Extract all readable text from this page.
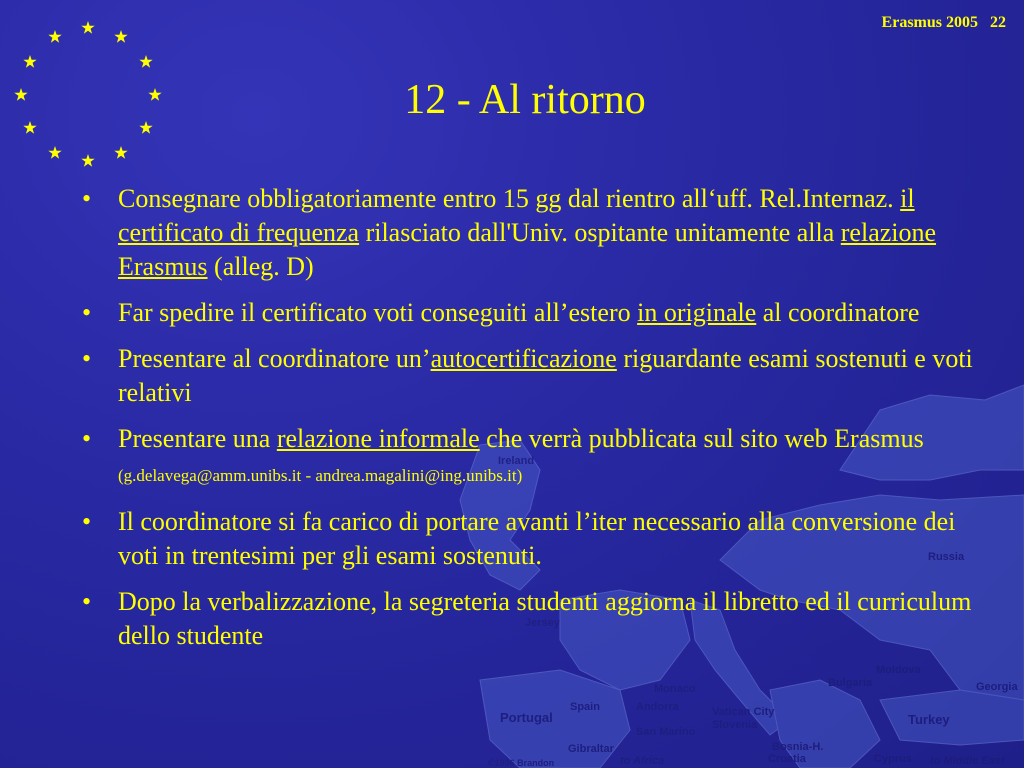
Ireland
Jersey
Portugal
Spain	Andorra
Monaco
San Marino
Vatican City
Slovenia
Gibraltar	Bosnia-H.
Croatia
Moldova
Bulgaria
Turkey
Cyprus
Georgia
Russia
to Africa	to Middle East
©1996 Brandon
Erasmus 2005 22
12 - Al ritorno
• Consegnare obbligatoriamente entro 15 gg dal rientro all‘uff. Rel.Internaz. il certificato di frequenza rilasciato dall'Univ. ospitante unitamente alla relazione Erasmus (alleg. D)
• Far spedire il certificato voti conseguiti all’estero in originale al coordinatore
• Presentare al coordinatore un’autocertificazione riguardante esami sostenuti e voti relativi
• Presentare una relazione informale che verrà pubblicata sul sito web Erasmus (g.delavega@amm.unibs.it - andrea.magalini@ing.unibs.it)
• Il coordinatore si fa carico di portare avanti l’iter necessario alla conversione dei voti in trentesimi per gli esami sostenuti.
• Dopo la verbalizzazione, la segreteria studenti aggiorna il libretto ed il curriculum dello studente
